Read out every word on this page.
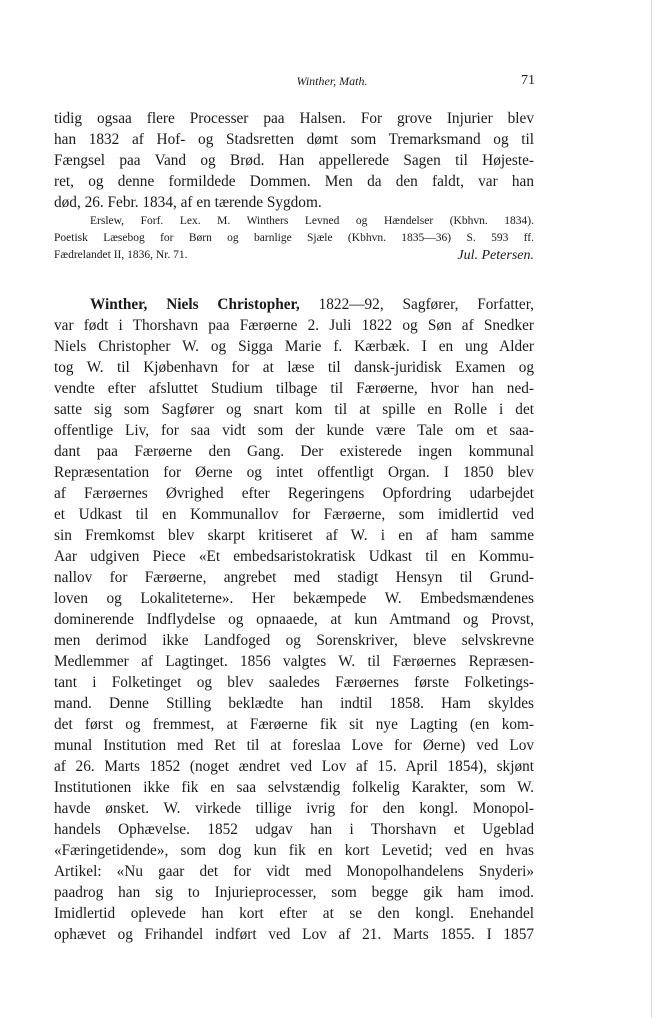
Winther, Math.	71
tidig ogsaa flere Processer paa Halsen. For grove Injurier blev
han 1832 af Hof- og Stadsretten dømt som Tremarksmand og til
Fængsel paa Vand og Brød. Han appellerede Sagen til Højeste-
ret, og denne formildede Dommen. Men da den faldt, var han
død, 26. Febr. 1834, af en tærende Sygdom.
Erslew, Forf. Lex. M. Winthers Levned og Hændelser (Kbhvn. 1834).
Poetisk Læsebog for Børn og barnlige Sjæle (Kbhvn. 1835—36) S. 593 ff.
Fædrelandet II, 1836, Nr. 71.	Jul. Petersen.
Winther, Niels Christopher, 1822—92, Sagfører, Forfatter,
var født i Thorshavn paa Færøerne 2. Juli 1822 og Søn af Snedker
Niels Christopher W. og Sigga Marie f. Kærbæk. I en ung Alder
tog W. til Kjøbenhavn for at læse til dansk-juridisk Examen og
vendte efter afsluttet Studium tilbage til Færøerne, hvor han ned-
satte sig som Sagfører og snart kom til at spille en Rolle i det
offentlige Liv, for saa vidt som der kunde være Tale om et saa-
dant paa Færøerne den Gang. Der existerede ingen kommunal
Repræsentation for Øerne og intet offentligt Organ. I 1850 blev
af Færøernes Øvrighed efter Regeringens Opfordring udarbejdet
et Udkast til en Kommunallov for Færøerne, som imidlertid ved
sin Fremkomst blev skarpt kritiseret af W. i en af ham samme
Aar udgiven Piece «Et embedsaristokratisk Udkast til en Kommu-
nallov for Færøerne, angrebet med stadigt Hensyn til Grund-
loven og Lokaliteterne». Her bekæmpede W. Embedsmændenes
dominerende Indflydelse og opnaaede, at kun Amtmand og Provst,
men derimod ikke Landfoged og Sorenskriver, bleve selvskrevne
Medlemmer af Lagtinget. 1856 valgtes W. til Færøernes Repræsen-
tant i Folketinget og blev saaledes Færøernes første Folketings-
mand. Denne Stilling beklædte han indtil 1858. Ham skyldes
det først og fremmest, at Færøerne fik sit nye Lagting (en kom-
munal Institution med Ret til at foreslaa Love for Øerne) ved Lov
af 26. Marts 1852 (noget ændret ved Lov af 15. April 1854), skjønt
Institutionen ikke fik en saa selvstændig folkelig Karakter, som W.
havde ønsket. W. virkede tillige ivrig for den kongl. Monopol-
handels Ophævelse. 1852 udgav han i Thorshavn et Ugeblad
«Færingetidende», som dog kun fik en kort Levetid; ved en hvas
Artikel: «Nu gaar det for vidt med Monopolhandelens Snyderi»
paadrog han sig to Injurieprocesser, som begge gik ham imod.
Imidlertid oplevede han kort efter at se den kongl. Enehandel
ophævet og Frihandel indført ved Lov af 21. Marts 1855. I 1857
